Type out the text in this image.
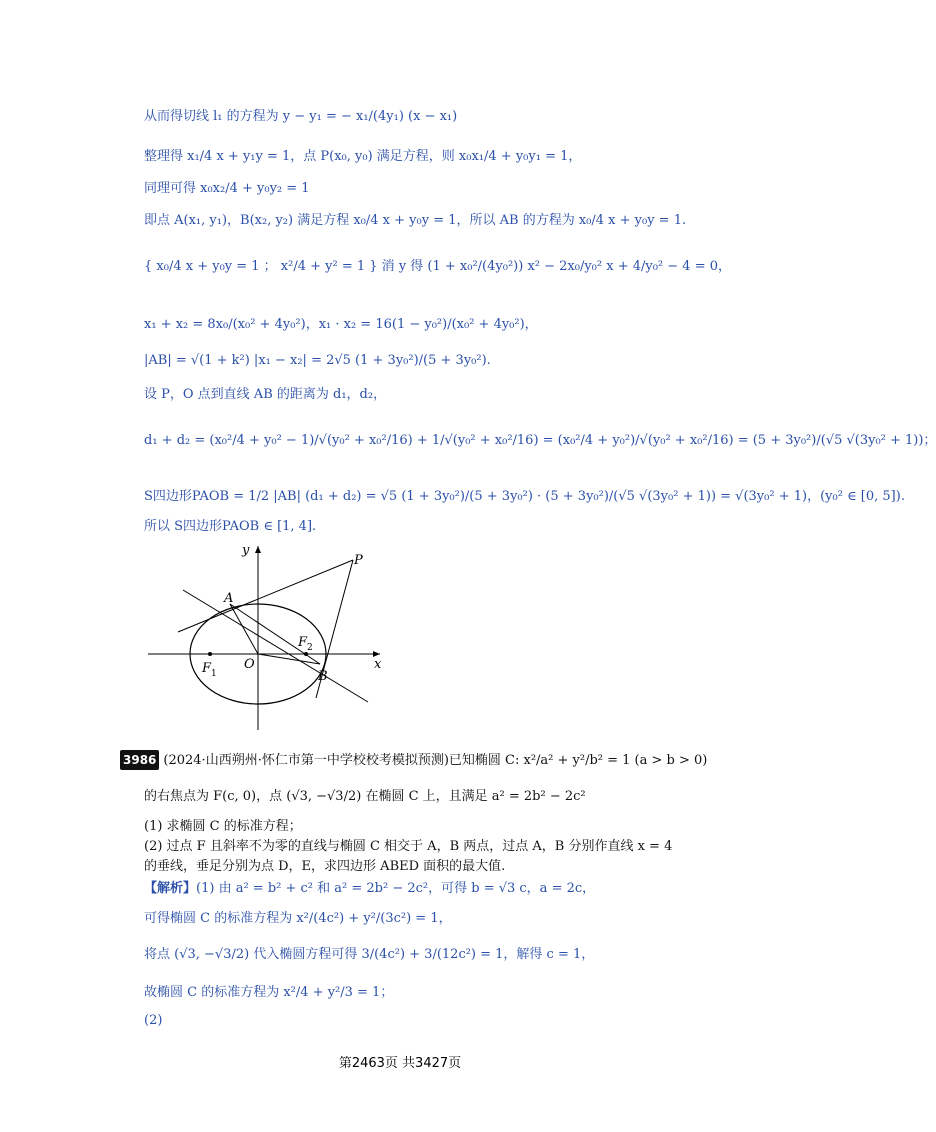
从而得切线 l₁ 的方程为 y − y₁ = − x₁/(4y₁) (x − x₁)
整理得 x₁/4 x + y₁y = 1，点 P(x₀, y₀) 满足方程，则 x₀x₁/4 + y₀y₁ = 1，
同理可得 x₀x₂/4 + y₀y₂ = 1
即点 A(x₁, y₁)，B(x₂, y₂) 满足方程 x₀/4 x + y₀y = 1，所以 AB 的方程为 x₀/4 x + y₀y = 1.
{ x₀/4 x + y₀y = 1 ； x²/4 + y² = 1 } 消 y 得 (1 + x₀²/(4y₀²)) x² − 2x₀/y₀² x + 4/y₀² − 4 = 0，
x₁ + x₂ = 8x₀/(x₀² + 4y₀²)，x₁ · x₂ = 16(1 − y₀²)/(x₀² + 4y₀²)，
|AB| = √(1 + k²) |x₁ − x₂| = 2√5 (1 + 3y₀²)/(5 + 3y₀²).
设 P，O 点到直线 AB 的距离为 d₁，d₂，
d₁ + d₂ = (x₀²/4 + y₀² − 1)/√(y₀² + x₀²/16) + 1/√(y₀² + x₀²/16) = (x₀²/4 + y₀²)/√(y₀² + x₀²/16) = (5 + 3y₀²)/(√5 √(3y₀² + 1))；
S四边形PAOB = 1/2 |AB| (d₁ + d₂) = √5 (1 + 3y₀²)/(5 + 3y₀²) · (5 + 3y₀²)/(√5 √(3y₀² + 1)) = √(3y₀² + 1)，(y₀² ∈ [0, 5]).
所以 S四边形PAOB ∈ [1, 4].
y
x
P
A
O
F 1
F 2
B
3986 (2024·山西朔州·怀仁市第一中学校校考模拟预测)已知椭圆 C: x²/a² + y²/b² = 1 (a > b > 0)
的右焦点为 F(c, 0)，点 (√3, −√3/2) 在椭圆 C 上，且满足 a² = 2b² − 2c²
(1) 求椭圆 C 的标准方程；
(2) 过点 F 且斜率不为零的直线与椭圆 C 相交于 A，B 两点，过点 A，B 分别作直线 x = 4
的垂线，垂足分别为点 D，E，求四边形 ABED 面积的最大值.
【解析】(1) 由 a² = b² + c² 和 a² = 2b² − 2c²，可得 b = √3 c，a = 2c，
可得椭圆 C 的标准方程为 x²/(4c²) + y²/(3c²) = 1，
将点 (√3, −√3/2) 代入椭圆方程可得 3/(4c²) + 3/(12c²) = 1，解得 c = 1，
故椭圆 C 的标准方程为 x²/4 + y²/3 = 1；
(2)
第2463页 共3427页
